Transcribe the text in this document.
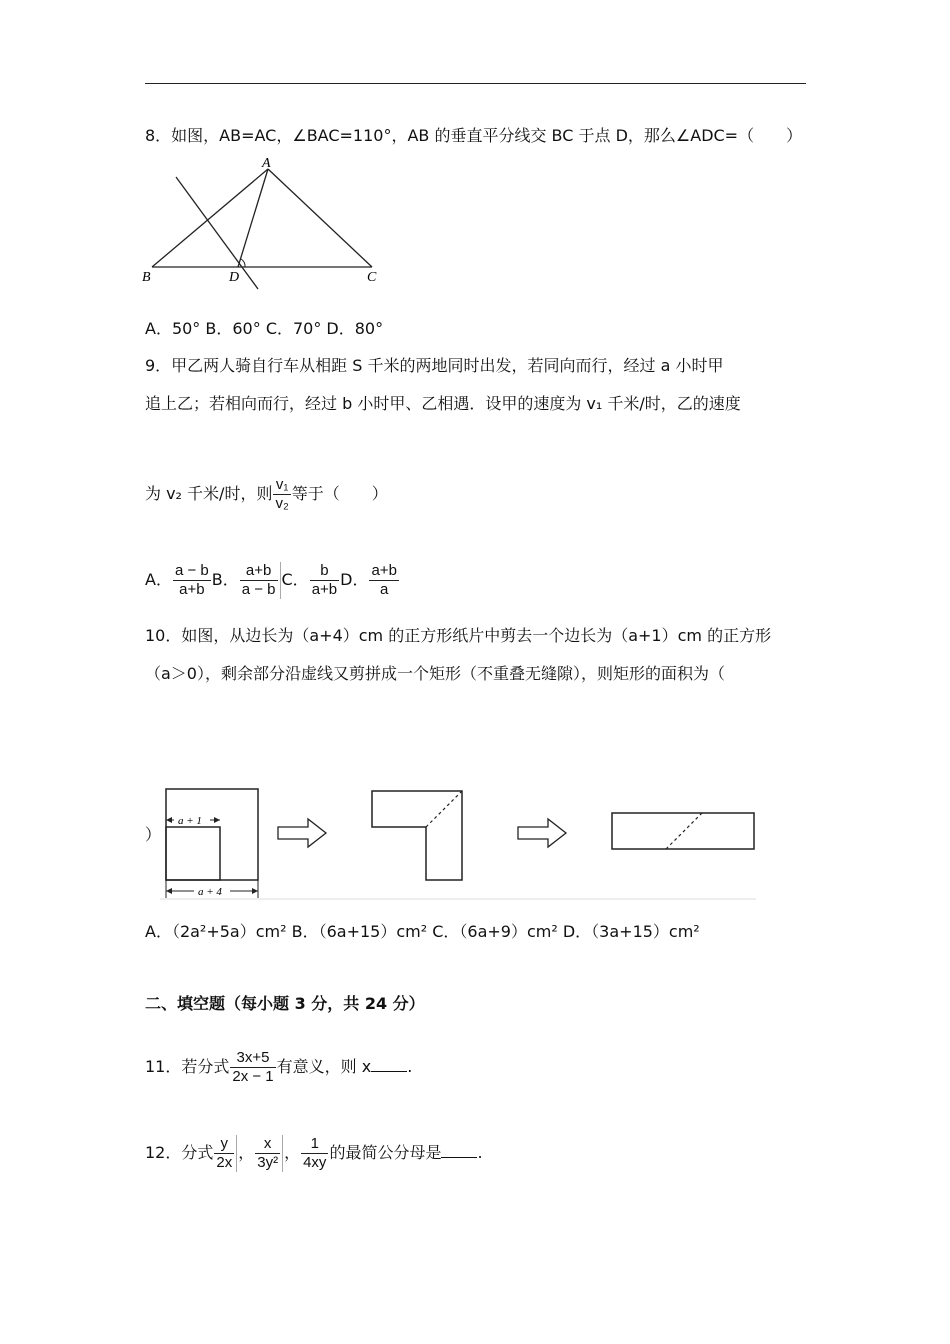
8．如图，AB=AC，∠BAC=110°，AB 的垂直平分线交 BC 于点 D，那么∠ADC=（　　）
A
B	D	C
A．50° B．60° C．70° D．80°
9．甲乙两人骑自行车从相距 S 千米的两地同时出发，若同向而行，经过 a 小时甲
追上乙；若相向而行，经过 b 小时甲、乙相遇．设甲的速度为 v₁ 千米/时，乙的速度
为 v₂ 千米/时，则 $\frac{\text{v₁}}{\text{v₂}}$ 等于（　　）
A． $\frac{a - b}{a+b}$ B． $\frac{a+b}{a - b}$ C． $\frac{b}{a+b}$ D． $\frac{a+b}{a}$
10．如图，从边长为（a+4）cm 的正方形纸片中剪去一个边长为（a+1）cm 的正方形
（a＞0），剩余部分沿虚线又剪拼成一个矩形（不重叠无缝隙），则矩形的面积为（
）
a + 1
a + 4
A．（2a²+5a）cm² B．（6a+15）cm² C．（6a+9）cm² D．（3a+15）cm²
二、填空题（每小题 3 分，共 24 分）
11．若分式 $\frac{3x+5}{2x - 1}$ 有意义，则 x .
12．分式 $\frac{y}{2x}$ ， $\frac{x}{\text{3y²}}$ ， $\frac{1}{4xy}$ 的最简公分母是 .
